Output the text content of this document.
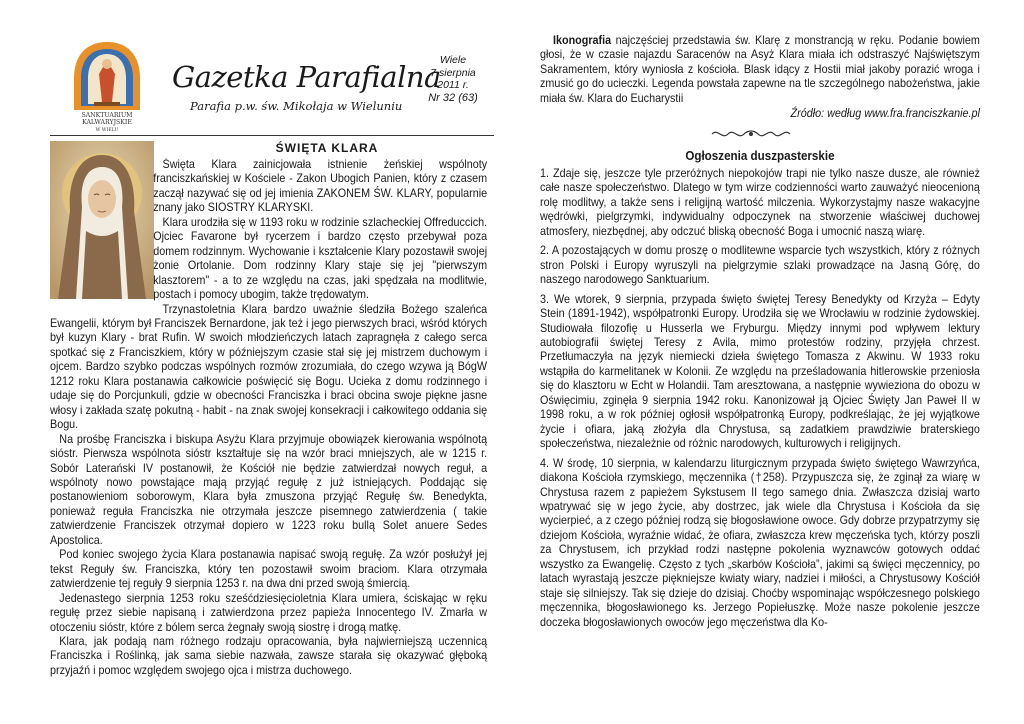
SANKTUARIUM
KALWARYJSKIE
W WIELU
Gazetka Parafialna
Parafia p.w. św. Mikołaja w Wieluniu
Wiele
7 sierpnia
2011 r.
Nr 32 (63)
ŚWIĘTA KLARA

Święta Klara zainicjowała istnienie żeńskiej wspólnoty franciszkańskiej w Kościele - Zakon Ubogich Panien, który z czasem zaczął nazywać się od jej imienia ZAKONEM ŚW. KLARY, popularnie znany jako SIOSTRY KLARYSKI.

Klara urodziła się w 1193 roku w rodzinie szlacheckiej Offreduccich. Ojciec Favarone był rycerzem i bardzo często przebywał poza domem rodzinnym. Wychowanie i kształcenie Klary pozostawił swojej żonie Ortolanie. Dom rodzinny Klary staje się jej "pierwszym klasztorem" - a to ze względu na czas, jaki spędzała na modlitwie, postach i pomocy ubogim, także trędowatym.

Trzynastoletnia Klara bardzo uważnie śledziła Bożego szaleńca Ewangelii, którym był Franciszek Bernardone, jak też i jego pierwszych braci, wśród których był kuzyn Klary - brat Rufin. W swoich młodzieńczych latach zapragnęła z całego serca spotkać się z Franciszkiem, który w późniejszym czasie stał się jej mistrzem duchowym i ojcem. Bardzo szybko podczas wspólnych rozmów zrozumiała, do czego wzywa ją BógW 1212 roku Klara postanawia całkowicie poświęcić się Bogu. Ucieka z domu rodzinnego i udaje się do Porcjunkuli, gdzie w obecności Franciszka i braci obcina swoje piękne jasne włosy i zakłada szatę pokutną - habit - na znak swojej konsekracji i całkowitego oddania się Bogu.

Na prośbę Franciszka i biskupa Asyżu Klara przyjmuje obowiązek kierowania wspólnotą sióstr. Pierwsza wspólnota sióstr kształtuje się na wzór braci mniejszych, ale w 1215 r. Sobór Laterański IV postanowił, że Kościół nie będzie zatwierdzał nowych reguł, a wspólnoty nowo powstające mają przyjąć regułę z już istniejących. Poddając się postanowieniom soborowym, Klara była zmuszona przyjąć Regułę św. Benedykta, ponieważ reguła Franciszka nie otrzymała jeszcze pisemnego zatwierdzenia ( takie zatwierdzenie Franciszek otrzymał dopiero w 1223 roku bullą Solet anuere Sedes Apostolica.

Pod koniec swojego życia Klara postanawia napisać swoją regułę. Za wzór posłużył jej tekst Reguły św. Franciszka, który ten pozostawił swoim braciom. Klara otrzymała zatwierdzenie tej reguły 9 sierpnia 1253 r. na dwa dni przed swoją śmiercią.

Jedenastego sierpnia 1253 roku sześćdziesięcioletnia Klara umiera, ściskając w ręku regułę przez siebie napisaną i zatwierdzona przez papieża Innocentego IV. Zmarła w otoczeniu sióstr, które z bólem serca żegnały swoją siostrę i drogą matkę.

Klara, jak podają nam różnego rodzaju opracowania, była najwierniejszą uczennicą Franciszka i Roślinką, jak sama siebie nazwała, zawsze starała się okazywać głęboką przyjaźń i pomoc względem swojego ojca i mistrza duchowego.

Ikonografia najczęściej przedstawia św. Klarę z monstrancją w ręku. Podanie bowiem głosi, że w czasie najazdu Saracenów na Asyż Klara miała ich odstraszyć Najświętszym Sakramentem, który wyniosła z kościoła. Blask idący z Hostii miał jakoby porazić wroga i zmusić go do ucieczki. Legenda powstała zapewne na tle szczególnego nabożeństwa, jakie miała św. Klara do Eucharystii

Źródło: według www.fra.franciszkanie.pl
Ogłoszenia duszpasterskie

1. Zdaje się, jeszcze tyle przeróżnych niepokojów trapi nie tylko nasze dusze, ale również całe nasze społeczeństwo. Dlatego w tym wirze codzienności warto zauważyć nieocenioną rolę modlitwy, a także sens i religijną wartość milczenia. Wykorzystajmy nasze wakacyjne wędrówki, pielgrzymki, indywidualny odpoczynek na stworzenie właściwej duchowej atmosfery, niezbędnej, aby odczuć bliską obecność Boga i umocnić naszą wiarę.

2. A pozostających w domu proszę o modlitewne wsparcie tych wszystkich, który z różnych stron Polski i Europy wyruszyli na pielgrzymie szlaki prowadzące na Jasną Górę, do naszego narodowego Sanktuarium.

3. We wtorek, 9 sierpnia, przypada święto świętej Teresy Benedykty od Krzyża – Edyty Stein (1891-1942), współpatronki Europy. Urodziła się we Wrocławiu w rodzinie żydowskiej. Studiowała filozofię u Husserla we Fryburgu. Między innymi pod wpływem lektury autobiografii świętej Teresy z Avila, mimo protestów rodziny, przyjęła chrzest. Przetłumaczyła na język niemiecki dzieła świętego Tomasza z Akwinu. W 1933 roku wstąpiła do karmelitanek w Kolonii. Ze względu na prześladowania hitlerowskie przeniosła się do klasztoru w Echt w Holandii. Tam aresztowana, a następnie wywieziona do obozu w Oświęcimiu, zginęła 9 sierpnia 1942 roku. Kanonizował ją Ojciec Święty Jan Paweł II w 1998 roku, a w rok później ogłosił współpatronką Europy, podkreślając, że jej wyjątkowe życie i ofiara, jaką złożyła dla Chrystusa, są zadatkiem prawdziwie braterskiego społeczeństwa, niezależnie od różnic narodowych, kulturowych i religijnych.

4. W środę, 10 sierpnia, w kalendarzu liturgicznym przypada święto świętego Wawrzyńca, diakona Kościoła rzymskiego, męczennika (†258). Przypuszcza się, że zginął za wiarę w Chrystusa razem z papieżem Sykstusem II tego samego dnia. Zwłaszcza dzisiaj warto wpatrywać się w jego życie, aby dostrzec, jak wiele dla Chrystusa i Kościoła da się wycierpieć, a z czego później rodzą się błogosławione owoce. Gdy dobrze przypatrzymy się dziejom Kościoła, wyraźnie widać, że ofiara, zwłaszcza krew męczeńska tych, którzy poszli za Chrystusem, ich przykład rodzi następne pokolenia wyznawców gotowych oddać wszystko za Ewangelię. Często z tych „skarbów Kościoła”, jakimi są święci męczennicy, po latach wyrastają jeszcze piękniejsze kwiaty wiary, nadziei i miłości, a Chrystusowy Kościół staje się silniejszy. Tak się dzieje do dzisiaj. Choćby wspominając współczesnego polskiego męczennika, błogosławionego ks. Jerzego Popiełuszkę. Może nasze pokolenie jeszcze doczeka błogosławionych owoców jego męczeństwa dla Ko-
